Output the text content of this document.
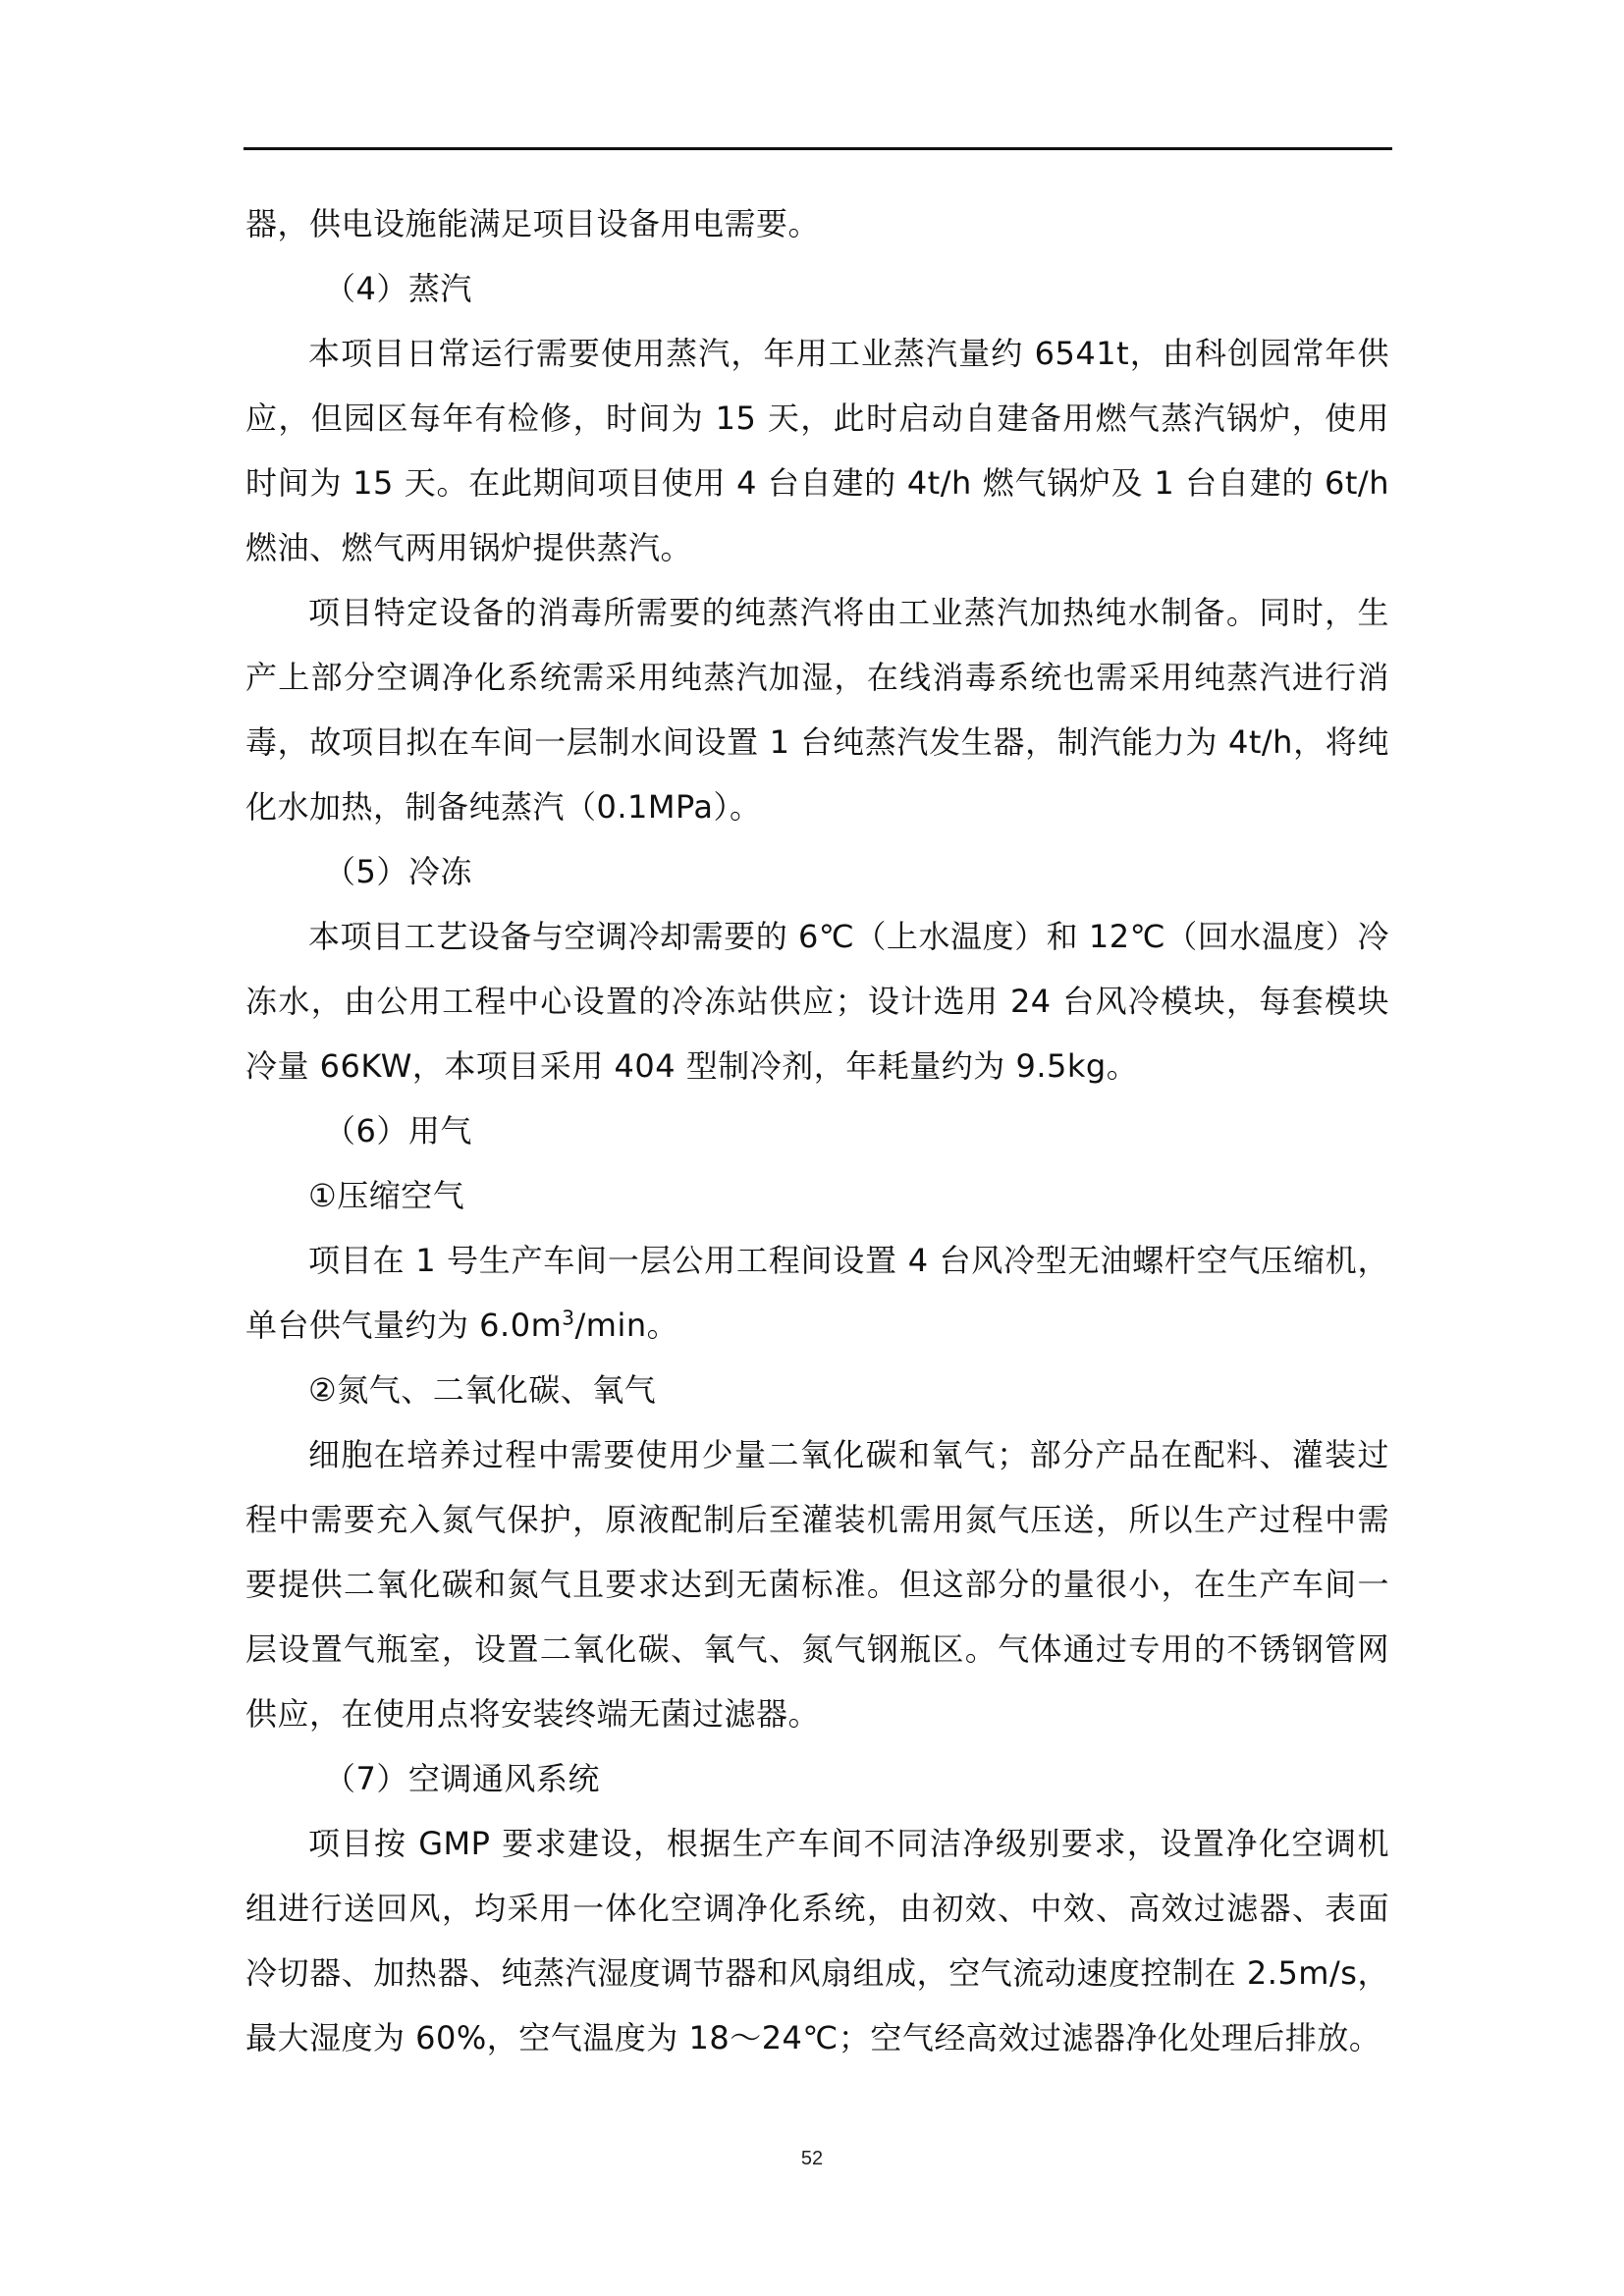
器，供电设施能满足项目设备用电需要。
（4）蒸汽
本项目日常运行需要使用蒸汽，年用工业蒸汽量约 6541t，由科创园常年供
应，但园区每年有检修，时间为 15 天，此时启动自建备用燃气蒸汽锅炉，使用
时间为 15 天。在此期间项目使用 4 台自建的 4t/h 燃气锅炉及 1 台自建的 6t/h
燃油、燃气两用锅炉提供蒸汽。
项目特定设备的消毒所需要的纯蒸汽将由工业蒸汽加热纯水制备。同时，生
产上部分空调净化系统需采用纯蒸汽加湿，在线消毒系统也需采用纯蒸汽进行消
毒，故项目拟在车间一层制水间设置 1 台纯蒸汽发生器，制汽能力为 4t/h，将纯
化水加热，制备纯蒸汽（0.1MPa）。
（5）冷冻
本项目工艺设备与空调冷却需要的 6℃（上水温度）和 12℃（回水温度）冷
冻水，由公用工程中心设置的冷冻站供应；设计选用 24 台风冷模块，每套模块
冷量 66KW，本项目采用 404 型制冷剂，年耗量约为 9.5kg。
（6）用气
①压缩空气
项目在 1 号生产车间一层公用工程间设置 4 台风冷型无油螺杆空气压缩机，
单台供气量约为 $6.0m^3/\min$。
②氮气、二氧化碳、氧气
细胞在培养过程中需要使用少量二氧化碳和氧气；部分产品在配料、灌装过
程中需要充入氮气保护，原液配制后至灌装机需用氮气压送，所以生产过程中需
要提供二氧化碳和氮气且要求达到无菌标准。但这部分的量很小，在生产车间一
层设置气瓶室，设置二氧化碳、氧气、氮气钢瓶区。气体通过专用的不锈钢管网
供应，在使用点将安装终端无菌过滤器。
（7）空调通风系统
项目按 GMP 要求建设，根据生产车间不同洁净级别要求，设置净化空调机
组进行送回风，均采用一体化空调净化系统，由初效、中效、高效过滤器、表面
冷切器、加热器、纯蒸汽湿度调节器和风扇组成，空气流动速度控制在 2.5m/s，
最大湿度为 60%，空气温度为 18～24℃；空气经高效过滤器净化处理后排放。
52
